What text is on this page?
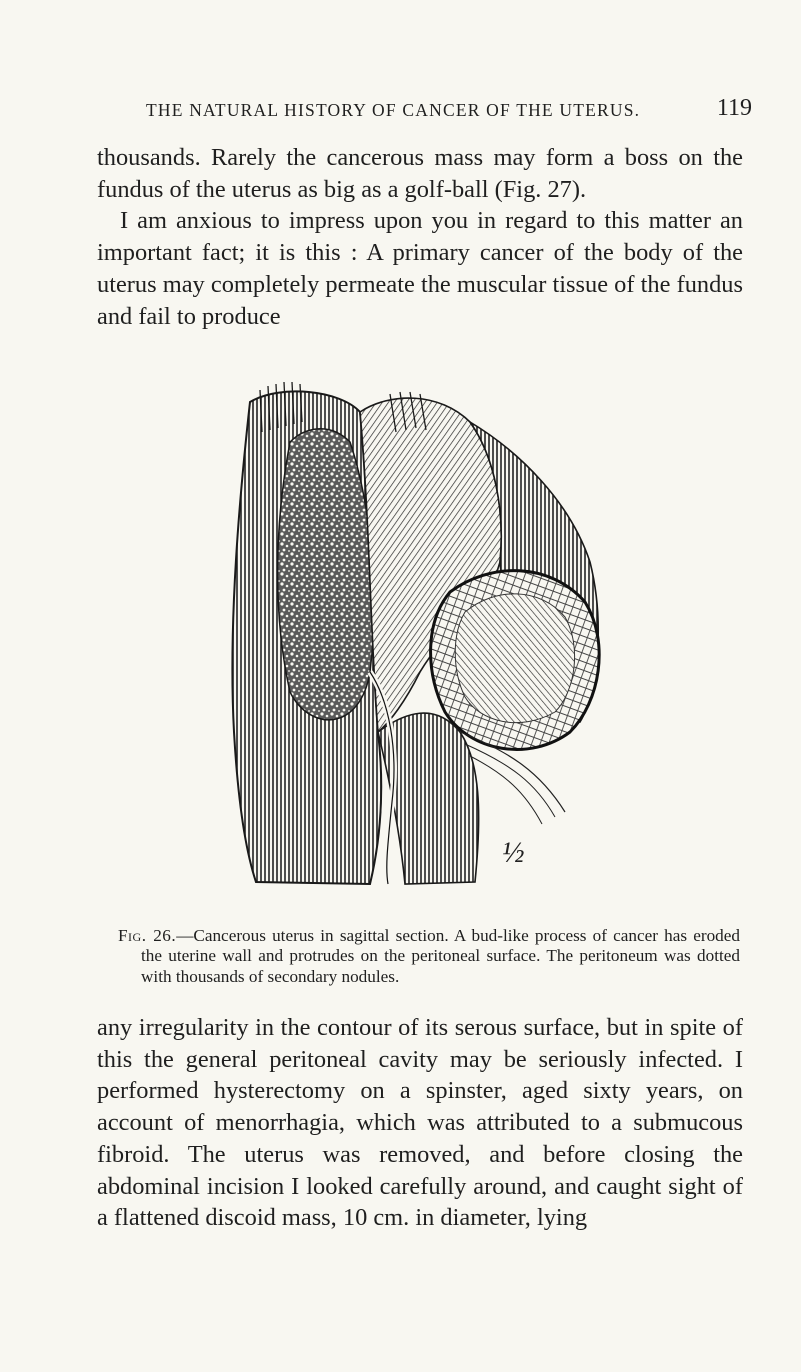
THE NATURAL HISTORY OF CANCER OF THE UTERUS.	119

thousands. Rarely the cancerous mass may form a boss on the fundus of the uterus as big as a golf-ball (Fig. 27).

I am anxious to impress upon you in regard to this matter an important fact; it is this : A primary cancer of the body of the uterus may completely permeate the muscular tissue of the fundus and fail to produce

½
Fig. 26.—Cancerous uterus in sagittal section. A bud-like process of cancer has eroded the uterine wall and protrudes on the peritoneal surface. The peritoneum was dotted with thousands of secondary nodules.

any irregularity in the contour of its serous surface, but in spite of this the general peritoneal cavity may be seriously infected. I performed hysterectomy on a spinster, aged sixty years, on account of menorrhagia, which was attributed to a submucous fibroid. The uterus was removed, and before closing the abdominal incision I looked carefully around, and caught sight of a flattened discoid mass, 10 cm. in diameter, lying
